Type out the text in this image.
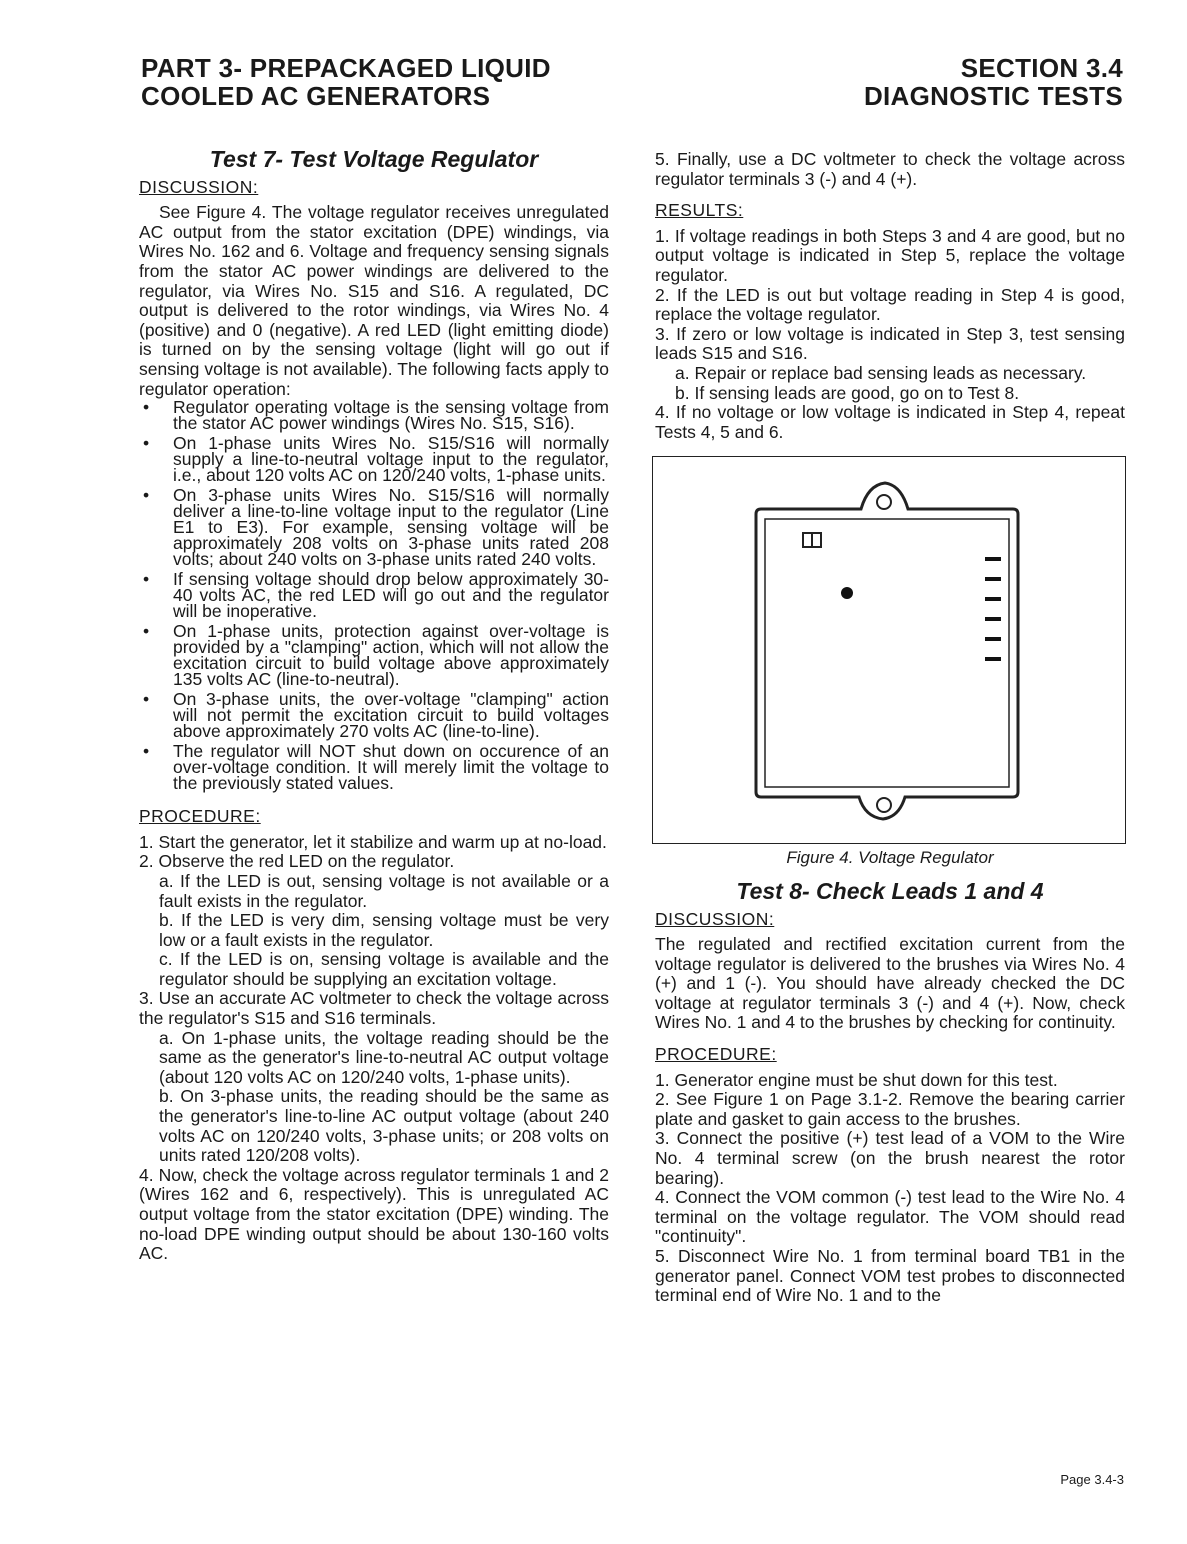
PART 3- PREPACKAGED LIQUID
COOLED AC GENERATORS
SECTION 3.4
DIAGNOSTIC TESTS
Test 7- Test Voltage Regulator
DISCUSSION:

See Figure 4. The voltage regulator receives unregulated AC output from the stator excitation (DPE) windings, via Wires No. 162 and 6. Voltage and frequency sensing signals from the stator AC power windings are delivered to the regulator, via Wires No. S15 and S16. A regulated, DC output is delivered to the rotor windings, via Wires No. 4 (positive) and 0 (negative). A red LED (light emitting diode) is turned on by the sensing voltage (light will go out if sensing voltage is not available). The following facts apply to regulator operation:

• Regulator operating voltage is the sensing voltage from the stator AC power windings (Wires No. S15, S16).
• On 1-phase units Wires No. S15/S16 will normally supply a line-to-neutral voltage input to the regulator, i.e., about 120 volts AC on 120/240 volts, 1-phase units.
• On 3-phase units Wires No. S15/S16 will normally deliver a line-to-line voltage input to the regulator (Line E1 to E3). For example, sensing voltage will be approximately 208 volts on 3-phase units rated 208 volts; about 240 volts on 3-phase units rated 240 volts.
• If sensing voltage should drop below approximately 30-40 volts AC, the red LED will go out and the regulator will be inoperative.
• On 1-phase units, protection against over-voltage is provided by a "clamping" action, which will not allow the excitation circuit to build voltage above approximately 135 volts AC (line-to-neutral).
• On 3-phase units, the over-voltage "clamping" action will not permit the excitation circuit to build voltages above approximately 270 volts AC (line-to-line).
• The regulator will NOT shut down on occurence of an over-voltage condition. It will merely limit the voltage to the previously stated values.
PROCEDURE:

1. Start the generator, let it stabilize and warm up at no-load.

2. Observe the red LED on the regulator.

a. If the LED is out, sensing voltage is not available or a fault exists in the regulator.

b. If the LED is very dim, sensing voltage must be very low or a fault exists in the regulator.

c. If the LED is on, sensing voltage is available and the regulator should be supplying an excitation voltage.

3. Use an accurate AC voltmeter to check the voltage across the regulator's S15 and S16 terminals.

a. On 1-phase units, the voltage reading should be the same as the generator's line-to-neutral AC output voltage (about 120 volts AC on 120/240 volts, 1-phase units).

b. On 3-phase units, the reading should be the same as the generator's line-to-line AC output voltage (about 240 volts AC on 120/240 volts, 3-phase units; or 208 volts on units rated 120/208 volts).

4. Now, check the voltage across regulator terminals 1 and 2 (Wires 162 and 6, respectively). This is unregulated AC output voltage from the stator excitation (DPE) winding. The no-load DPE winding output should be about 130-160 volts AC.

5. Finally, use a DC voltmeter to check the voltage across regulator terminals 3 (-) and 4 (+).

RESULTS:

1. If voltage readings in both Steps 3 and 4 are good, but no output voltage is indicated in Step 5, replace the voltage regulator.

2. If the LED is out but voltage reading in Step 4 is good, replace the voltage regulator.

3. If zero or low voltage is indicated in Step 3, test sensing leads S15 and S16.

a. Repair or replace bad sensing leads as necessary.

b. If sensing leads are good, go on to Test 8.

4. If no voltage or low voltage is indicated in Step 4, repeat Tests 4, 5 and 6.

Figure 4. Voltage Regulator
Test 8- Check Leads 1 and 4
DISCUSSION:

The regulated and rectified excitation current from the voltage regulator is delivered to the brushes via Wires No. 4 (+) and 1 (-). You should have already checked the DC voltage at regulator terminals 3 (-) and 4 (+). Now, check Wires No. 1 and 4 to the brushes by checking for continuity.

PROCEDURE:

1. Generator engine must be shut down for this test.

2. See Figure 1 on Page 3.1-2. Remove the bearing carrier plate and gasket to gain access to the brushes.

3. Connect the positive (+) test lead of a VOM to the Wire No. 4 terminal screw (on the brush nearest the rotor bearing).

4. Connect the VOM common (-) test lead to the Wire No. 4 terminal on the voltage regulator. The VOM should read "continuity".

5. Disconnect Wire No. 1 from terminal board TB1 in the generator panel. Connect VOM test probes to disconnected terminal end of Wire No. 1 and to the

Page 3.4-3
